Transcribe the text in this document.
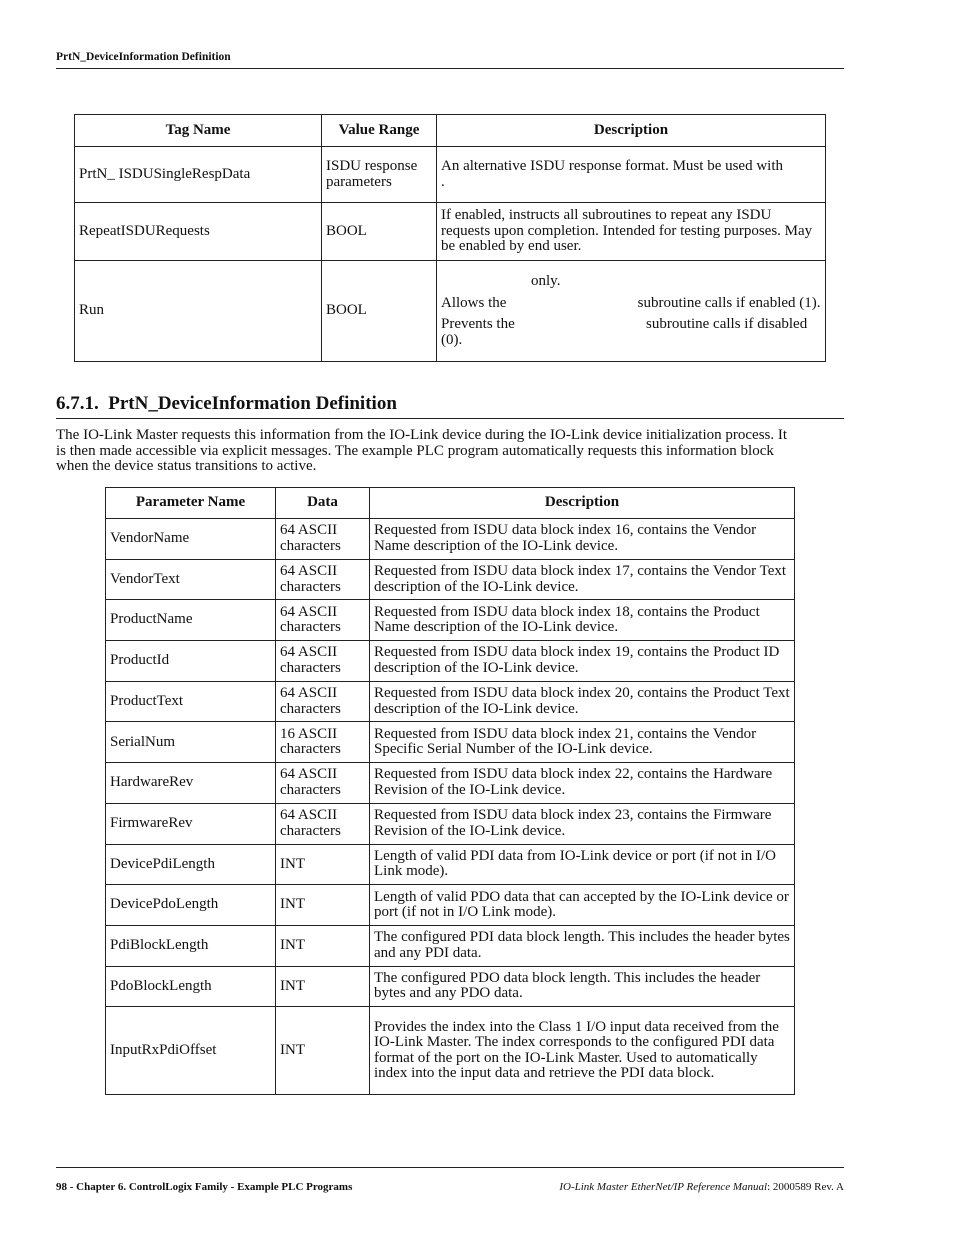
PrtN_DeviceInformation Definition
Tag Name	Value Range	Description
PrtN_ ISDUSingleRespData	ISDU response parameters	An alternative ISDU response format. Must be used with                                   .

RepeatISDURequests	BOOL	If enabled, instructs all subroutines to repeat any ISDU requests upon completion. Intended for testing purposes. May be enabled by end user.

Run	BOOL	only.
Allows the                                   subroutine calls if enabled (1).
Prevents the                                   subroutine calls if disabled (0).
6.7.1. PrtN_DeviceInformation Definition

The IO-Link Master requests this information from the IO-Link device during the IO-Link device initialization process. It is then made accessible via explicit messages. The example PLC program automatically requests this information block when the device status transitions to active.

Parameter Name	Data	Description
VendorName	64 ASCII characters	Requested from ISDU data block index 16, contains the Vendor Name description of the IO-Link device.
VendorText	64 ASCII characters	Requested from ISDU data block index 17, contains the Vendor Text description of the IO-Link device.
ProductName	64 ASCII characters	Requested from ISDU data block index 18, contains the Product Name description of the IO-Link device.
ProductId	64 ASCII characters	Requested from ISDU data block index 19, contains the Product ID description of the IO-Link device.
ProductText	64 ASCII characters	Requested from ISDU data block index 20, contains the Product Text description of the IO-Link device.
SerialNum	16 ASCII characters	Requested from ISDU data block index 21, contains the Vendor Specific Serial Number of the IO-Link device.
HardwareRev	64 ASCII characters	Requested from ISDU data block index 22, contains the Hardware Revision of the IO-Link device.
FirmwareRev	64 ASCII characters	Requested from ISDU data block index 23, contains the Firmware Revision of the IO-Link device.
DevicePdiLength	INT	Length of valid PDI data from IO-Link device or port (if not in I/O Link mode).
DevicePdoLength	INT	Length of valid PDO data that can accepted by the IO-Link device or port (if not in I/O Link mode).
PdiBlockLength	INT	The configured PDI data block length. This includes the header bytes and any PDI data.
PdoBlockLength	INT	The configured PDO data block length. This includes the header bytes and any PDO data.
InputRxPdiOffset	INT	Provides the index into the Class 1 I/O input data received from the IO-Link Master. The index corresponds to the configured PDI data format of the port on the IO-Link Master. Used to automatically index into the input data and retrieve the PDI data block.
98 - Chapter 6. ControlLogix Family - Example PLC Programs	IO-Link Master EtherNet/IP Reference Manual: 2000589 Rev. A
